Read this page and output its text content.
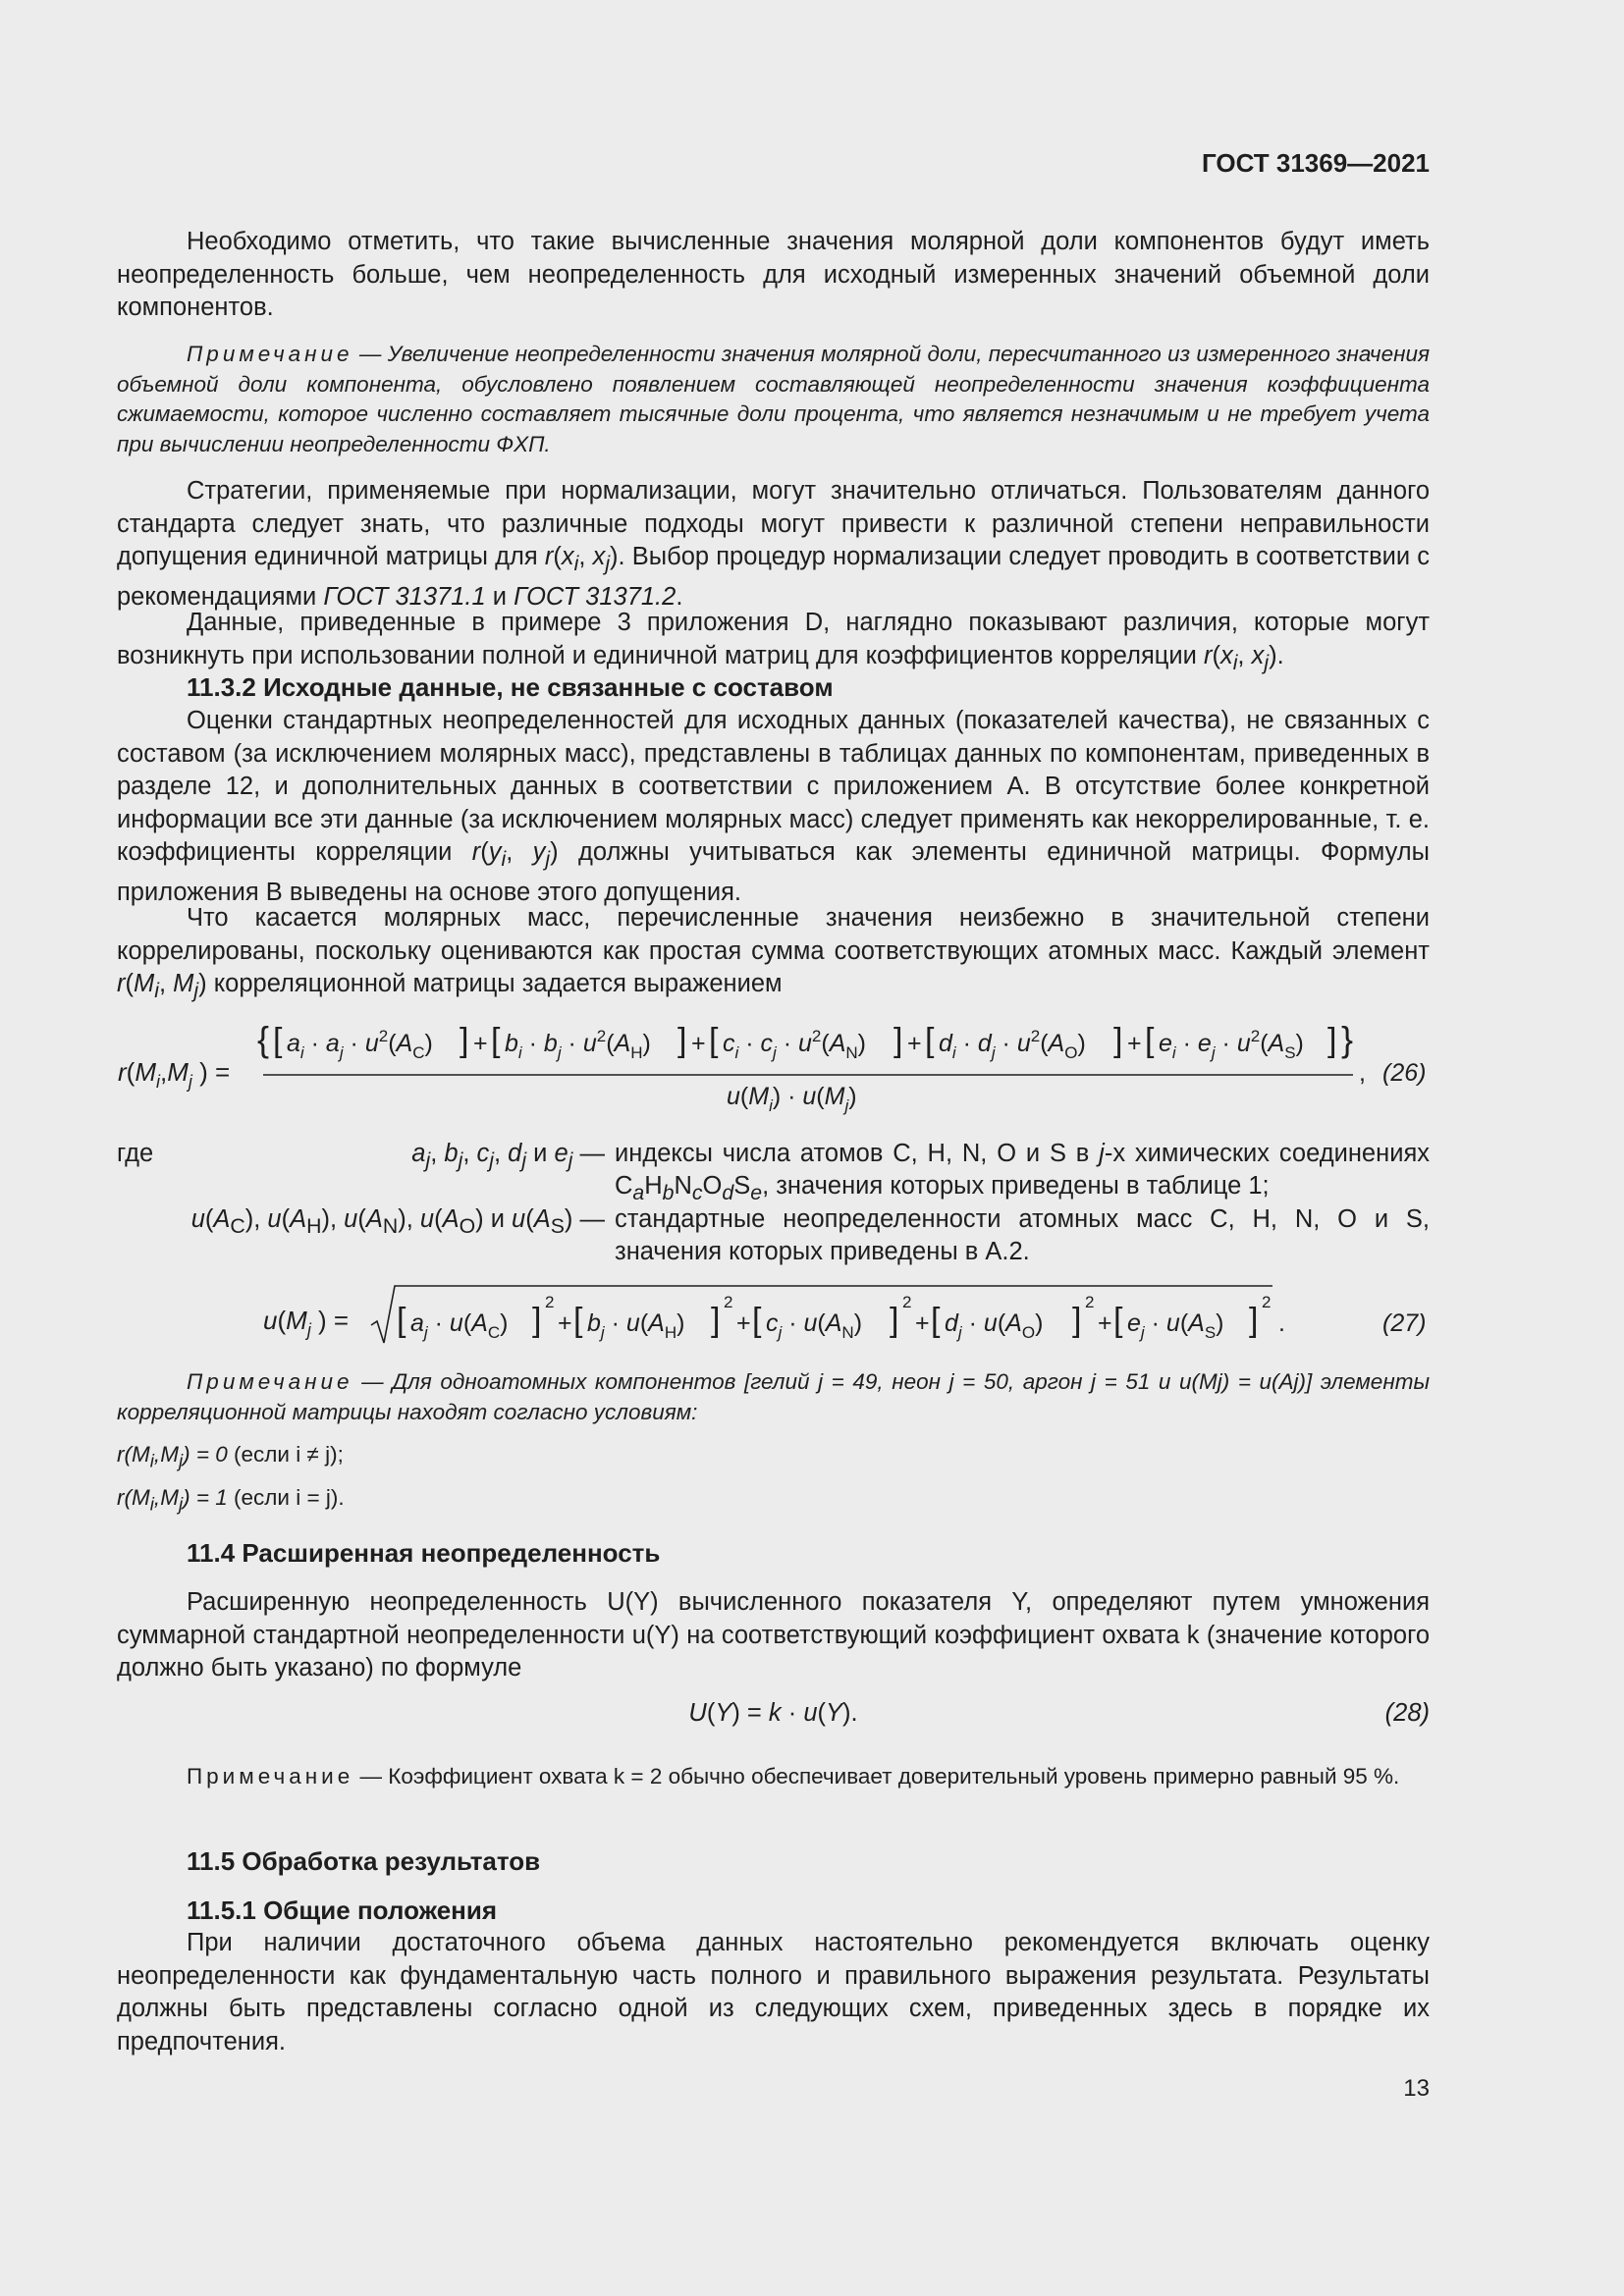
ГОСТ 31369—2021
Необходимо отметить, что такие вычисленные значения молярной доли компонентов будут иметь неопределенность больше, чем неопределенность для исходный измеренных значений объемной доли компонентов.
Примечание — Увеличение неопределенности значения молярной доли, пересчитанного из измеренного значения объемной доли компонента, обусловлено появлением составляющей неопределенности значения коэффициента сжимаемости, которое численно составляет тысячные доли процента, что является незначимым и не требует учета при вычислении неопределенности ФХП.
Стратегии, применяемые при нормализации, могут значительно отличаться. Пользователям данного стандарта следует знать, что различные подходы могут привести к различной степени неправильности допущения единичной матрицы для $r(x_i$, $x_j$). Выбор процедур нормализации следует проводить в соответствии с рекомендациями ГОСТ 31371.1 и ГОСТ 31371.2.
Данные, приведенные в примере 3 приложения D, наглядно показывают различия, которые могут возникнуть при использовании полной и единичной матриц для коэффициентов корреляции $r(x_i$, $x_j$).
11.3.2 Исходные данные, не связанные с составом
Оценки стандартных неопределенностей для исходных данных (показателей качества), не связанных с составом (за исключением молярных масс), представлены в таблицах данных по компонентам, приведенных в разделе 12, и дополнительных данных в соответствии с приложением А. В отсутствие более конкретной информации все эти данные (за исключением молярных масс) следует применять как некоррелированные, т. е. коэффициенты корреляции $r(y_i$, $y_j$) должны учитываться как элементы единичной матрицы. Формулы приложения В выведены на основе этого допущения.
Что касается молярных масс, перечисленные значения неизбежно в значительной степени коррелированы, поскольку оцениваются как простая сумма соответствующих атомных масс. Каждый элемент $r(M_i$, $M_j$) корреляционной матрицы задается выражением
$r(M_i,M_j$ ) =
{ [ $a_i \cdot a_j \cdot u^2(A_C)$ ] + [ $b_i \cdot b_j \cdot u^2(A_H)$ ] + [ $c_i \cdot c_j \cdot u^2(A_N)$ ] + [ $d_i \cdot d_j \cdot u^2(A_O)$ ] + [ $e_i \cdot e_j \cdot u^2(A_S)$ ] }
$u(M_i) \cdot u(M_j)$
, (26)
где	$a_j$, $b_j$, $c_j$, $d_j$ и $e_j$ — индексы числа атомов С, Н, N, О и S в j-х химических соединениях $C_aH_bN_cO_dS_e$, значения которых приведены в таблице 1;
$u(A_C)$, $u(A_H)$, $u(A_N)$, $u(A_O)$ и $u(A_S)$ — стандартные неопределенности атомных масс С, Н, N, О и S, значения которых приведены в А.2.
$u(M_j$ ) = [ $a_j \cdot u(A_C)$ ] 2
+ [ $b_j \cdot u(A_H)$ ] 2
+ [ $c_j \cdot u(A_N)$ ] 2
+ [ $d_j \cdot u(A_O)$ ] 2
+ [ $e_j \cdot u(A_S)$ ] 2
.	(27)
Примечание — Для одноатомных компонентов [гелий j = 49, неон j = 50, аргон j = 51 и u(Mj) = u(Aj)] элементы корреляционной матрицы находят согласно условиям:
$r(M_i,M_j) = 0$ (если i ≠ j);
$r(M_i,M_j) = 1$ (если i = j).
11.4 Расширенная неопределенность
Расширенную неопределенность U(Y) вычисленного показателя Y, определяют путем умножения суммарной стандартной неопределенности u(Y) на соответствующий коэффициент охвата k (значение которого должно быть указано) по формуле
U(Y) = k · u(Y).	(28)
Примечание — Коэффициент охвата k = 2 обычно обеспечивает доверительный уровень примерно равный 95 %.
11.5 Обработка результатов
11.5.1 Общие положения
При наличии достаточного объема данных настоятельно рекомендуется включать оценку неопределенности как фундаментальную часть полного и правильного выражения результата. Результаты должны быть представлены согласно одной из следующих схем, приведенных здесь в порядке их предпочтения.
13
